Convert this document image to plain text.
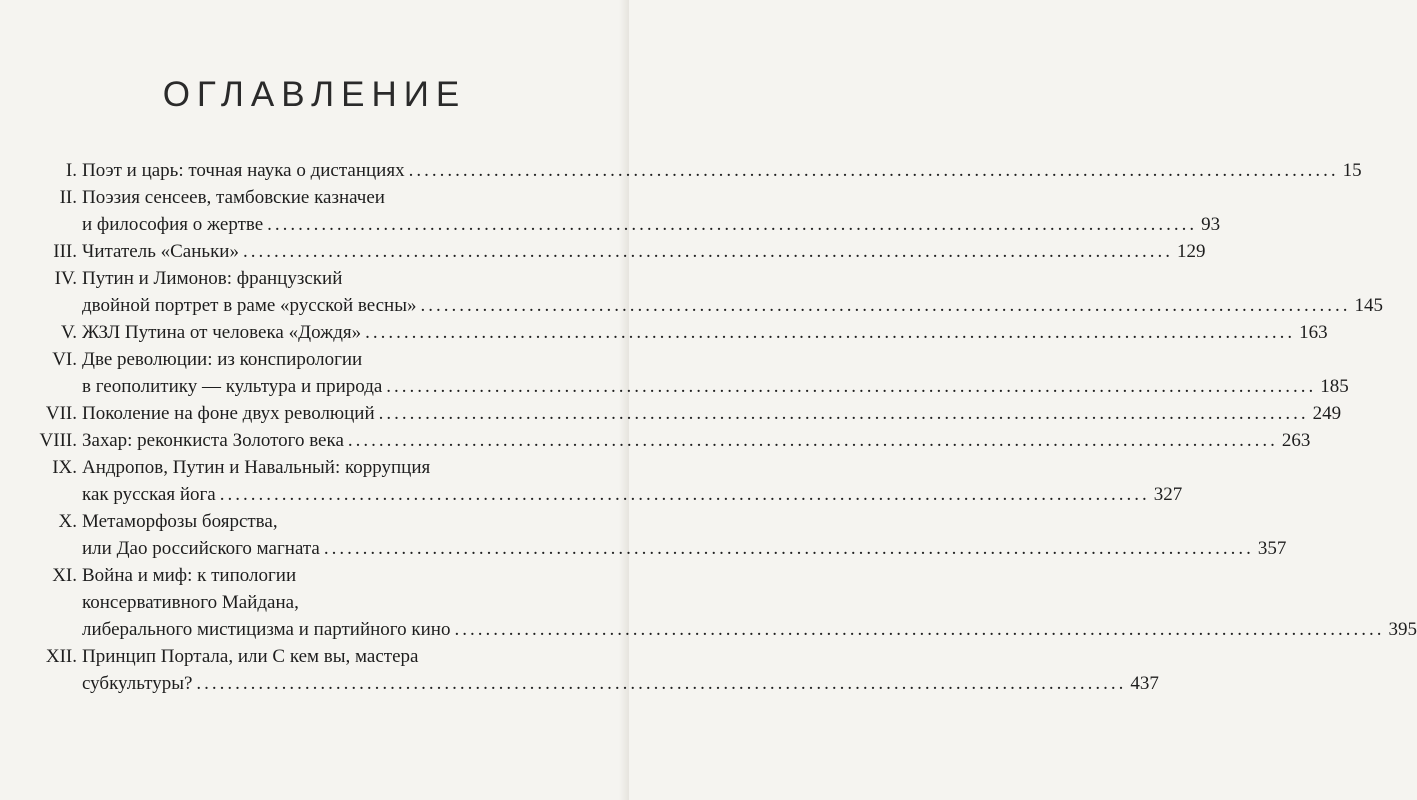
ОГЛАВЛЕНИЕ
I. Поэт и царь: точная наука о дистанциях ........................................................................................................................ 15
II. Поэзия сенсеев, тамбовские казначеи
и философия о жертве ........................................................................................................................ 93
III. Читатель «Саньки» ........................................................................................................................ 129
IV. Путин и Лимонов: французский
двойной портрет в раме «русской весны» ........................................................................................................................ 145
V. ЖЗЛ Путина от человека «Дождя» ........................................................................................................................ 163
VI. Две революции: из конспирологии
в геополитику — культура и природа ........................................................................................................................ 185
VII. Поколение на фоне двух революций ........................................................................................................................ 249
VIII. Захар: реконкиста Золотого века ........................................................................................................................ 263
IX. Андропов, Путин и Навальный: коррупция
как русская йога ........................................................................................................................ 327
X. Метаморфозы боярства,
или Дао российского магната ........................................................................................................................ 357
XI. Война и миф: к типологии
консервативного Майдана,
либерального мистицизма и партийного кино ........................................................................................................................ 395
XII. Принцип Портала, или С кем вы, мастера
субкультуры? ........................................................................................................................ 437
